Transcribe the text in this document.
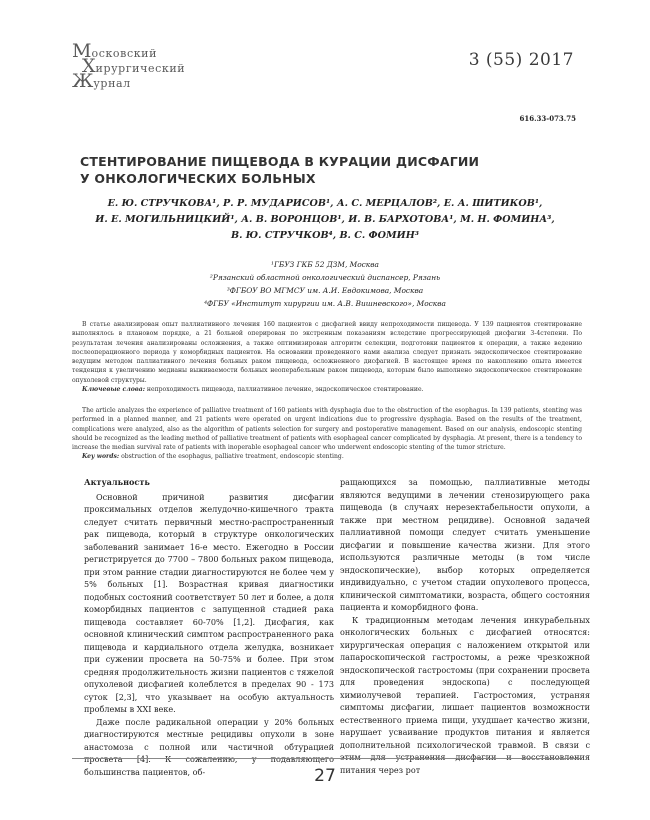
Московский
Хирургический
Журнал
3 (55) 2017
616.33-073.75
СТЕНТИРОВАНИЕ ПИЩЕВОДА В КУРАЦИИ ДИСФАГИИ
У ОНКОЛОГИЧЕСКИХ БОЛЬНЫХ
Е. Ю. СТРУЧКОВА¹, Р. Р. МУДАРИСОВ¹, А. С. МЕРЦАЛОВ², Е. А. ШИТИКОВ¹,
И. Е. МОГИЛЬНИЦКИЙ¹, А. В. ВОРОНЦОВ¹, И. В. БАРХОТОВА¹, М. Н. ФОМИНА³,
В. Ю. СТРУЧКОВ⁴, В. С. ФОМИН³
¹ГБУЗ ГКБ 52 ДЗМ, Москва
²Рязанский областной онкологический диспансер, Рязань
³ФГБОУ ВО МГМСУ им. А.И. Евдокимова, Москва
⁴ФГБУ «Институт хирургии им. А.В. Вишневского», Москва

В статье анализирован опыт паллиативного лечения 160 пациентов с дисфагией ввиду непроходимости пищевода. У 139 пациентов стентирование выполнялось в плановом порядке, а 21 больной оперирован по экстренным показаниям вследствие прогрессирующей дисфагии 3-4степени. По результатам лечения анализированы осложнения, а также оптимизирован алгоритм селекции, подготовки пациентов к операции, а также ведению послеоперационного периода у коморбидных пациентов. На основании проведенного нами анализа следует признать эндоскопическое стентирование ведущим методом паллиативного лечения больных раком пищевода, осложненного дисфагией. В настоящее время по накоплению опыта имеется тенденция к увеличению медианы выживаемости больных неоперабельным раком пищевода, которым было выполнено эндоскопическое стентирование опухолевой структуры.

Ключевые слова: непроходимость пищевода, паллиативное лечение, эндоскопическое стентирование.

The article analyzes the experience of palliative treatment of 160 patients with dysphagia due to the obstruction of the esophagus. In 139 patients, stenting was performed in a planned manner, and 21 patients were operated on urgent indications due to progressive dysphagia. Based on the results of the treatment, complications were analyzed, also as the algorithm of patients selection for surgery and postoperative management. Based on our analysis, endoscopic stenting should be recognized as the leading method of palliative treatment of patients with esophageal cancer complicated by dysphagia. At present, there is a tendency to increase the median survival rate of patients with inoperable esophageal cancer who underwent endoscopic stenting of the tumor stricture.

Key words: obstruction of the esophagus, palliative treatment, endoscopic stenting.

Актуальность

Основной причиной развития дисфагии проксимальных отделов желудочно-кишечного тракта следует считать первичный местно-распространенный рак пищевода, который в структуре онкологических заболеваний занимает 16-е место. Ежегодно в России регистрируется до 7700 – 7800 больных раком пищевода, при этом ранние стадии диагностируются не более чем у 5% больных [1]. Возрастная кривая диагностики подобных состояний соответствует 50 лет и более, а доля коморбидных пациентов с запущенной стадией рака пищевода составляет 60-70% [1,2]. Дисфагия, как основной клинический симптом распространенного рака пищевода и кардиального отдела желудка, возникает при сужении просвета на 50-75% и более. При этом средняя продолжительность жизни пациентов с тяжелой опухолевой дисфагией колеблется в пределах 90 - 173 суток [2,3], что указывает на особую актуальность проблемы в XXI веке.

Даже после радикальной операции у 20% больных диагностируются местные рецидивы опухоли в зоне анастомоза с полной или частичной обтурацией просвета [4]. К сожалению, у подавляющего большинства пациентов, об-

ращающихся за помощью, паллиативные методы являются ведущими в лечении стенозирующего рака пищевода (в случаях нерезектабельности опухоли, а также при местном рецидиве). Основной задачей паллиативной помощи следует считать уменьшение дисфагии и повышение качества жизни. Для этого используются различные методы (в том числе эндоскопические), выбор которых определяется индивидуально, с учетом стадии опухолевого процесса, клинической симптоматики, возраста, общего состояния пациента и коморбидного фона.

К традиционным методам лечения инкурабельных онкологических больных с дисфагией относятся: хирургическая операция с наложением открытой или лапароскопической гастростомы, а реже чрезкожной эндоскопической гастростомы (при сохранении просвета для проведения эндоскопа) с последующей химиолучевой терапией. Гастростомия, устраняя симптомы дисфагии, лишает пациентов возможности естественного приема пищи, ухудшает качество жизни, нарушает усваивание продуктов питания и является дополнительной психологической травмой. В связи с этим для устранения дисфагии и восстановления питания через рот

27
